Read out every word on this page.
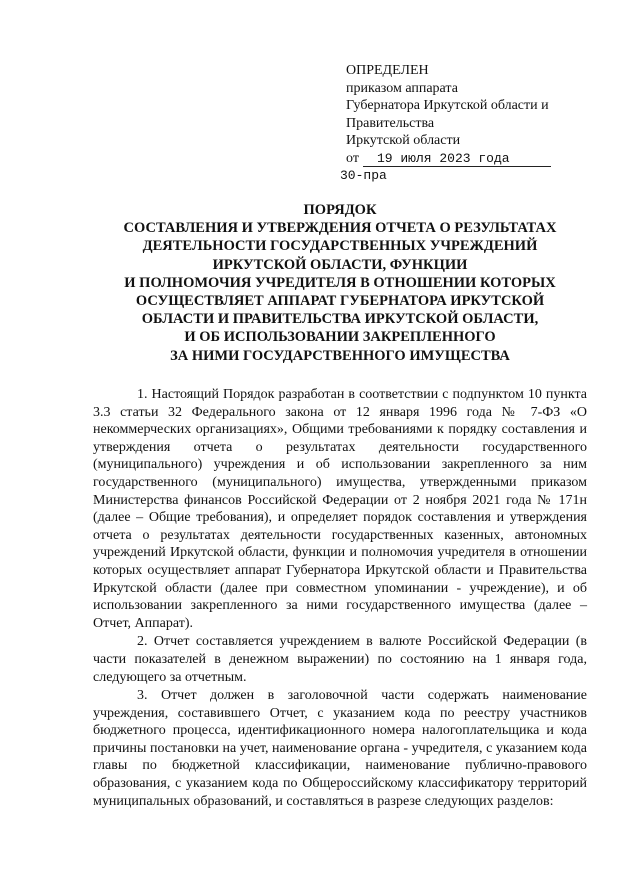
ОПРЕДЕЛЕН
приказом аппарата
Губернатора Иркутской области и
Правительства
Иркутской области
от 19 июля 2023 года
30-пра
ПОРЯДОК
СОСТАВЛЕНИЯ И УТВЕРЖДЕНИЯ ОТЧЕТА О РЕЗУЛЬТАТАХ
ДЕЯТЕЛЬНОСТИ ГОСУДАРСТВЕННЫХ УЧРЕЖДЕНИЙ
ИРКУТСКОЙ ОБЛАСТИ, ФУНКЦИИ
И ПОЛНОМОЧИЯ УЧРЕДИТЕЛЯ В ОТНОШЕНИИ КОТОРЫХ
ОСУЩЕСТВЛЯЕТ АППАРАТ ГУБЕРНАТОРА ИРКУТСКОЙ
ОБЛАСТИ И ПРАВИТЕЛЬСТВА ИРКУТСКОЙ ОБЛАСТИ,
И ОБ ИСПОЛЬЗОВАНИИ ЗАКРЕПЛЕННОГО
ЗА НИМИ ГОСУДАРСТВЕННОГО ИМУЩЕСТВА

1. Настоящий Порядок разработан в соответствии с подпунктом 10 пункта 3.3 статьи 32 Федерального закона от 12 января 1996 года № 7-ФЗ «О некоммерческих организациях», Общими требованиями к порядку составления и утверждения отчета о результатах деятельности государственного (муниципального) учреждения и об использовании закрепленного за ним государственного (муниципального) имущества, утвержденными приказом Министерства финансов Российской Федерации от 2 ноября 2021 года № 171н (далее – Общие требования), и определяет порядок составления и утверждения отчета о результатах деятельности государственных казенных, автономных учреждений Иркутской области, функции и полномочия учредителя в отношении которых осуществляет аппарат Губернатора Иркутской области и Правительства Иркутской области (далее при совместном упоминании - учреждение), и об использовании закрепленного за ними государственного имущества (далее – Отчет, Аппарат).

2. Отчет составляется учреждением в валюте Российской Федерации (в части показателей в денежном выражении) по состоянию на 1 января года, следующего за отчетным.

3. Отчет должен в заголовочной части содержать наименование учреждения, составившего Отчет, с указанием кода по реестру участников бюджетного процесса, идентификационного номера налогоплательщика и кода причины постановки на учет, наименование органа - учредителя, с указанием кода главы по бюджетной классификации, наименование публично-правового образования, с указанием кода по Общероссийскому классификатору территорий муниципальных образований, и составляться в разрезе следующих разделов:
